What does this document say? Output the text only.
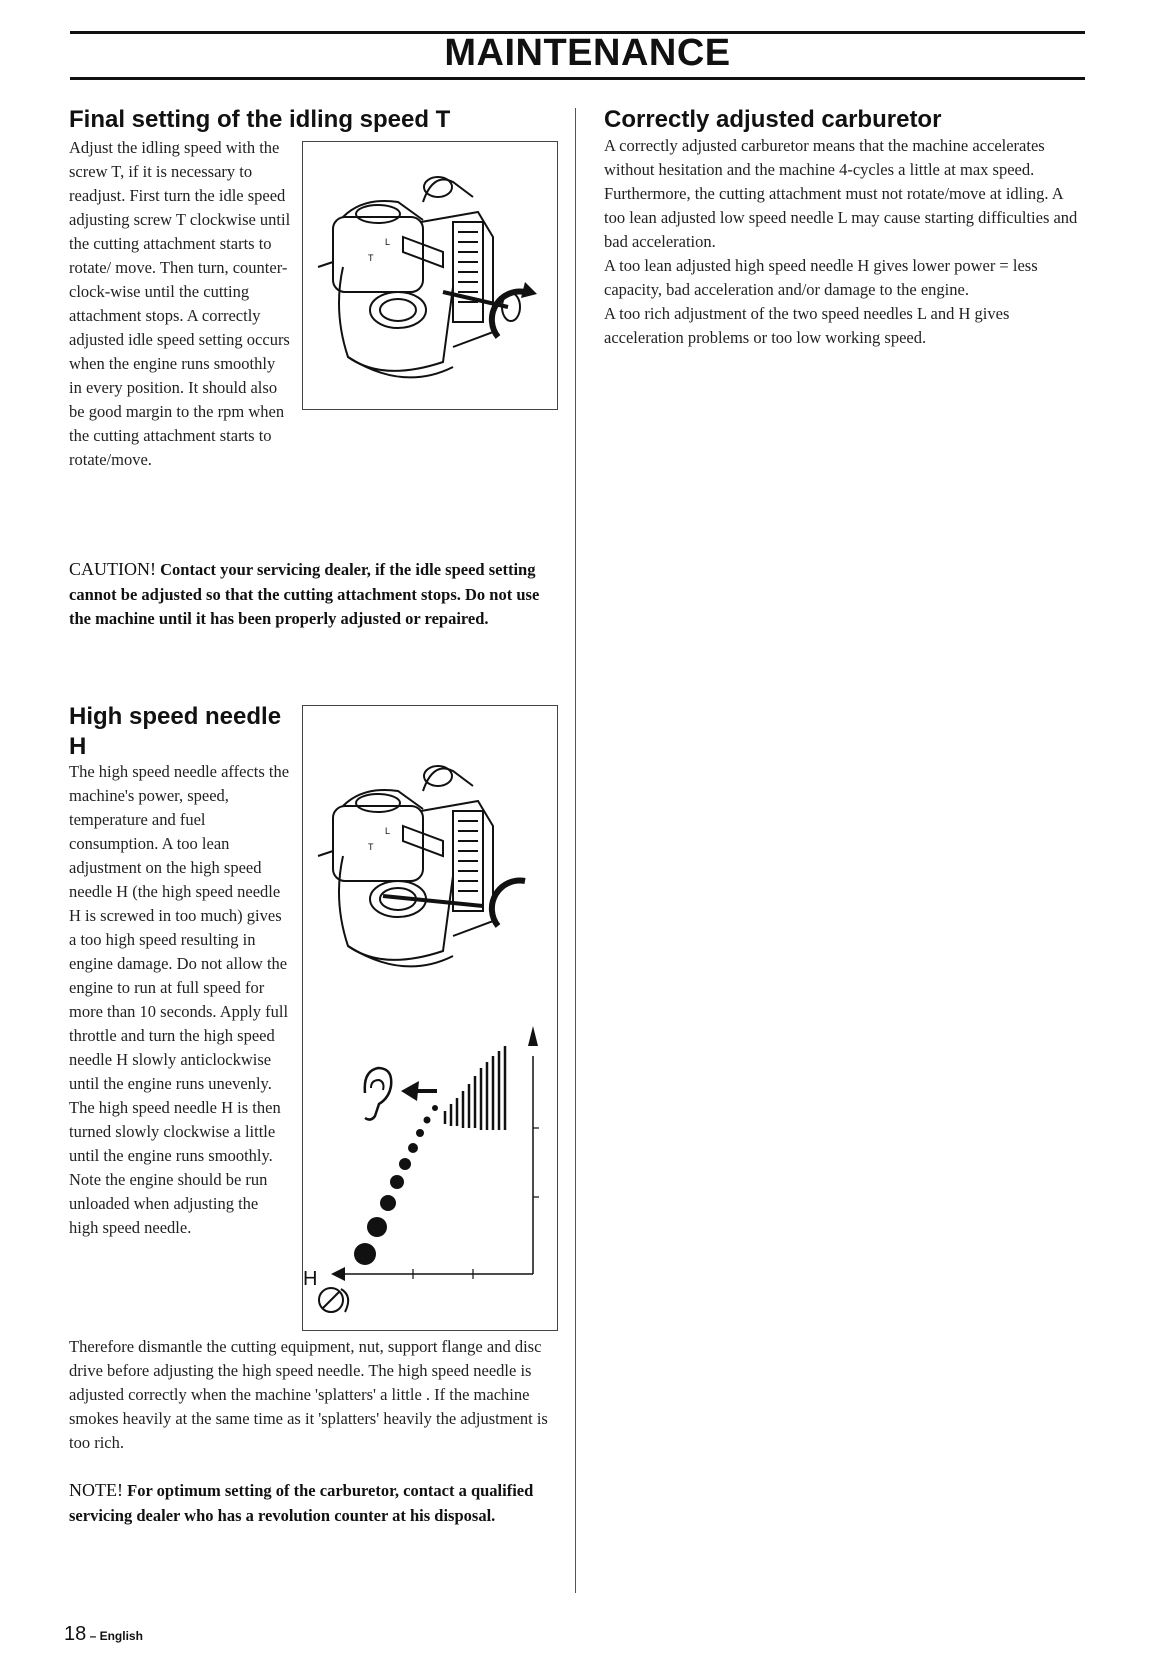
MAINTENANCE
Final setting of the idling speed T

Adjust the idling speed with the screw T, if it is necessary to readjust. First turn the idle speed adjusting screw T clockwise until the cutting attachment starts to rotate/ move. Then turn, counter-clock-wise until the cutting attachment stops. A correctly adjusted idle speed setting occurs when the engine runs smoothly in every position. It should also be good margin to the rpm when the cutting attachment starts to rotate/move.

T
L
CAUTION! Contact your servicing dealer, if the idle speed setting cannot be adjusted so that the cutting attachment stops. Do not use the machine until it has been properly adjusted or repaired.
High speed needle H

The high speed needle affects the machine's power, speed, temperature and fuel consumption. A too lean adjustment on the high speed needle H (the high speed needle H is screwed in too much) gives a too high speed resulting in engine damage. Do not allow the engine to run at full speed for more than 10 seconds. Apply full throttle and turn the high speed needle H slowly anticlockwise until the engine runs unevenly. The high speed needle H is then turned slowly clockwise a little until the engine runs smoothly. Note the engine should be run unloaded when adjusting the high speed needle.

H
T
L

Therefore dismantle the cutting equipment, nut, support flange and disc drive before adjusting the high speed needle. The high speed needle is adjusted correctly when the machine 'splatters' a little . If the machine smokes heavily at the same time as it 'splatters' heavily the adjustment is too rich.

NOTE! For optimum setting of the carburetor, contact a qualified servicing dealer who has a revolution counter at his disposal.
Correctly adjusted carburetor

A correctly adjusted carburetor means that the machine accelerates without hesitation and the machine 4-cycles a little at max speed. Furthermore, the cutting attachment must not rotate/move at idling. A too lean adjusted low speed needle L may cause starting difficulties and bad acceleration.

A too lean adjusted high speed needle H gives lower power = less capacity, bad acceleration and/or damage to the engine.

A too rich adjustment of the two speed needles L and H gives acceleration problems or too low working speed.

18 – English
